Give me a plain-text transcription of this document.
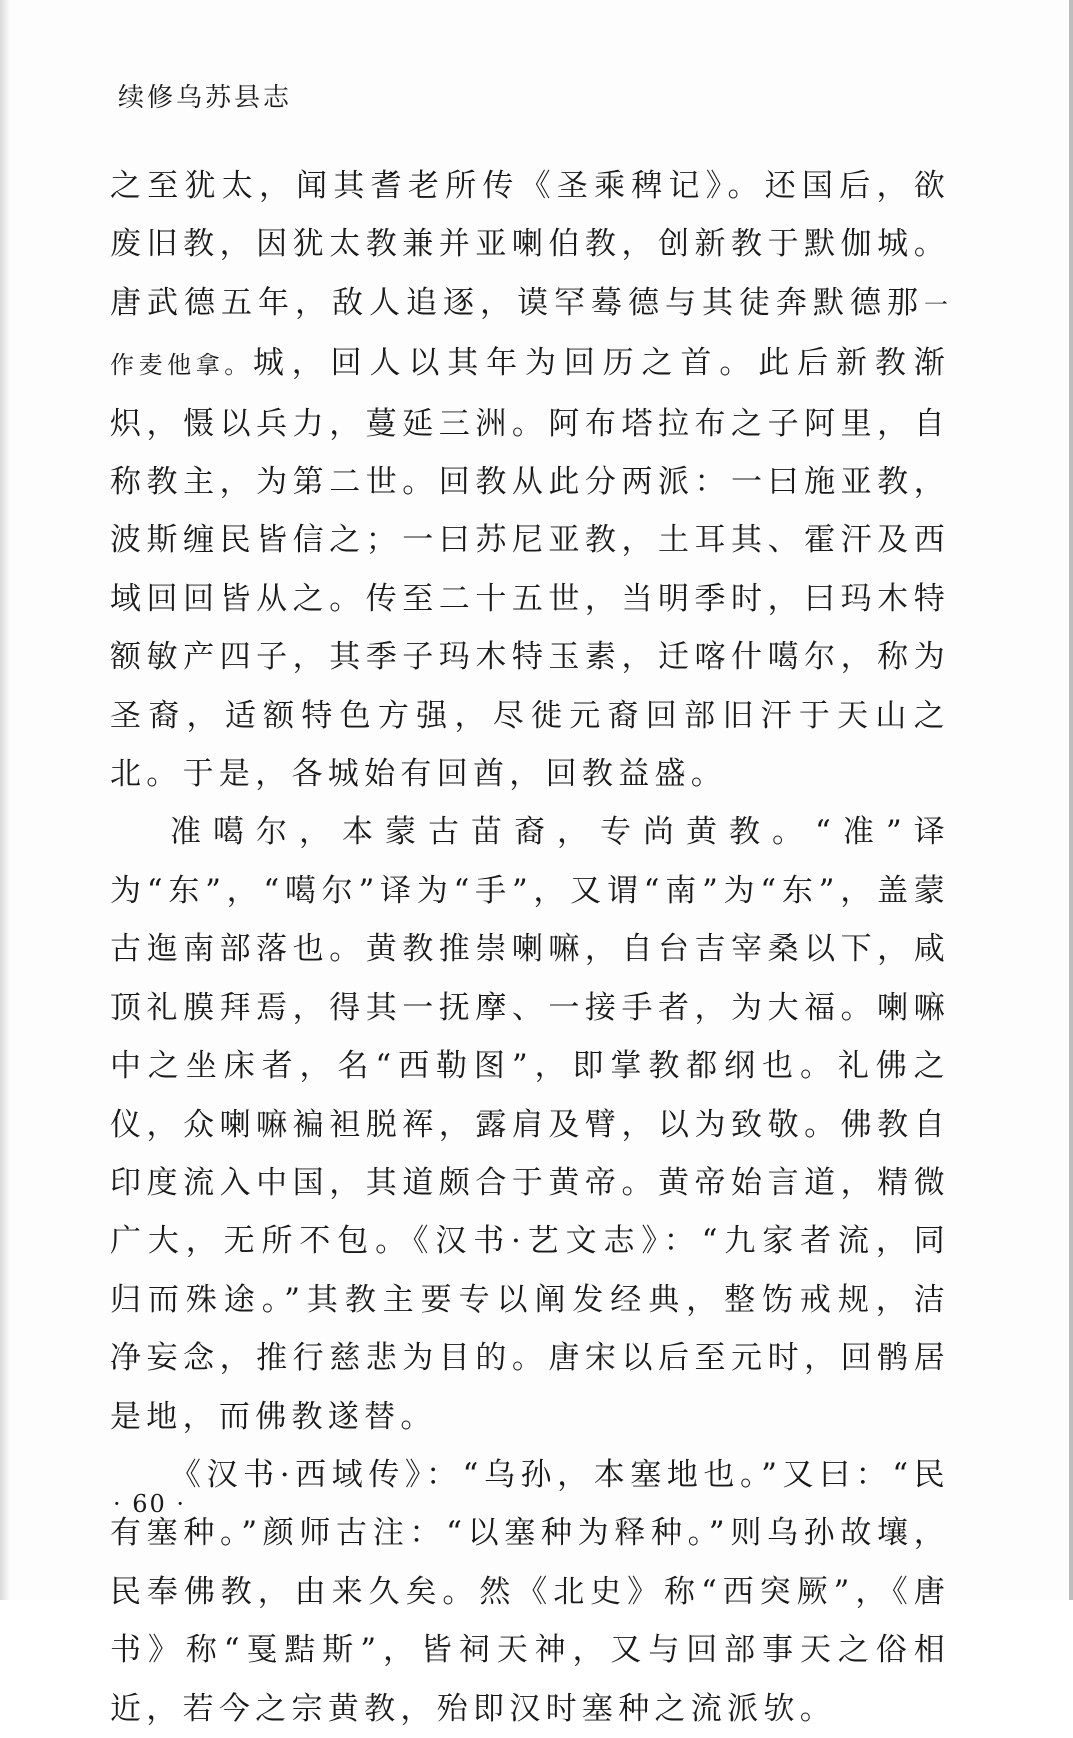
续修乌苏县志

之至犹太，闻其耆老所传《圣乘稗记》。还国后，欲废旧教，因犹太教兼并亚喇伯教，创新教于默伽城。唐武德五年，敌人追逐，谟罕蓦德与其徒奔默德那一作麦他拿。城，回人以其年为回历之首。此后新教渐炽，慑以兵力，蔓延三洲。阿布塔拉布之子阿里，自称教主，为第二世。回教从此分两派：一曰施亚教，波斯缠民皆信之；一曰苏尼亚教，土耳其、霍汗及西域回回皆从之。传至二十五世，当明季时，曰玛木特额敏产四子，其季子玛木特玉素，迁喀什噶尔，称为圣裔，适额特色方强，尽徙元裔回部旧汗于天山之北。于是，各城始有回酋，回教益盛。

准噶尔，本蒙古苗裔，专尚黄教。“准”译为“东”，“噶尔”译为“手”，又谓“南”为“东”，盖蒙古迤南部落也。黄教推崇喇嘛，自台吉宰桑以下，咸顶礼膜拜焉，得其一抚摩、一接手者，为大福。喇嘛中之坐床者，名“西勒图”，即掌教都纲也。礼佛之仪，众喇嘛褊袒脱裈，露肩及臂，以为致敬。佛教自印度流入中国，其道颇合于黄帝。黄帝始言道，精微广大，无所不包。《汉书·艺文志》：“九家者流，同归而殊途。”其教主要专以阐发经典，整饬戒规，洁净妄念，推行慈悲为目的。唐宋以后至元时，回鹘居是地，而佛教遂替。

《汉书·西域传》：“乌孙，本塞地也。”又曰：“民有塞种。”颜师古注：“以塞种为释种。”则乌孙故壤，民奉佛教，由来久矣。然《北史》称“西突厥”，《唐书》称“戛黠斯”，皆祠天神，又与回部事天之俗相近，若今之宗黄教，殆即汉时塞种之流派欤。

· 60 ·
